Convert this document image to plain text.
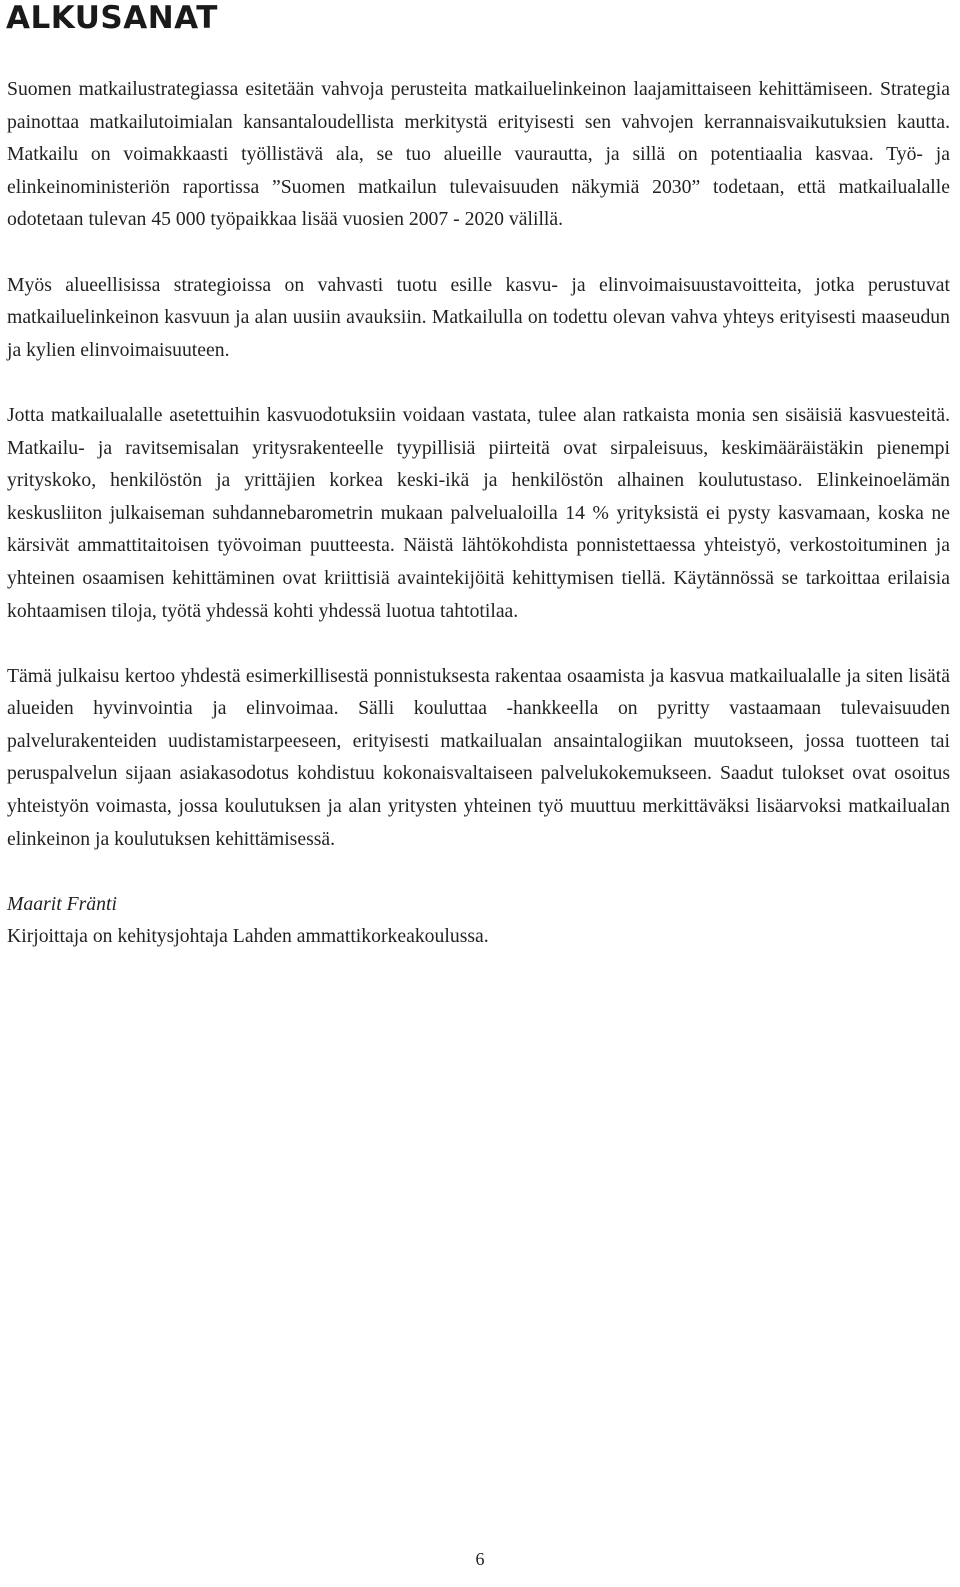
ALKUSANAT

Suomen matkailustrategiassa esitetään vahvoja perusteita matkailuelinkeinon laajamittaiseen kehittämiseen. Strategia painottaa matkailutoimialan kansantaloudellista merkitystä erityisesti sen vahvojen kerrannaisvaikutuksien kautta. Matkailu on voimakkaasti työllistävä ala, se tuo alueille vaurautta, ja sillä on potentiaalia kasvaa. Työ- ja elinkeinoministeriön raportissa ”Suomen matkailun tulevaisuuden näkymiä 2030” todetaan, että matkailualalle odotetaan tulevan 45 000 työpaikkaa lisää vuosien 2007 - 2020 välillä.

Myös alueellisissa strategioissa on vahvasti tuotu esille kasvu- ja elinvoimaisuustavoitteita, jotka perustuvat matkailuelinkeinon kasvuun ja alan uusiin avauksiin. Matkailulla on todettu olevan vahva yhteys erityisesti maaseudun ja kylien elinvoimaisuuteen.

Jotta matkailualalle asetettuihin kasvuodotuksiin voidaan vastata, tulee alan ratkaista monia sen sisäisiä kasvuesteitä. Matkailu- ja ravitsemisalan yritysrakenteelle tyypillisiä piirteitä ovat sirpaleisuus, keskimääräistäkin pienempi yrityskoko, henkilöstön ja yrittäjien korkea keski-ikä ja henkilöstön alhainen koulutustaso. Elinkeinoelämän keskusliiton julkaiseman suhdannebarometrin mukaan palvelualoilla 14 % yrityksistä ei pysty kasvamaan, koska ne kärsivät ammattitaitoisen työvoiman puutteesta. Näistä lähtökohdista ponnistettaessa yhteistyö, verkostoituminen ja yhteinen osaamisen kehittäminen ovat kriittisiä avaintekijöitä kehittymisen tiellä. Käytännössä se tarkoittaa erilaisia kohtaamisen tiloja, työtä yhdessä kohti yhdessä luotua tahtotilaa.

Tämä julkaisu kertoo yhdestä esimerkillisestä ponnistuksesta rakentaa osaamista ja kasvua matkailualalle ja siten lisätä alueiden hyvinvointia ja elinvoimaa. Sälli kouluttaa -hankkeella on pyritty vastaamaan tulevaisuuden palvelurakenteiden uudistamistarpeeseen, erityisesti matkailualan ansaintalogiikan muutokseen, jossa tuotteen tai peruspalvelun sijaan asiakasodotus kohdistuu kokonaisvaltaiseen palvelukokemukseen. Saadut tulokset ovat osoitus yhteistyön voimasta, jossa koulutuksen ja alan yritysten yhteinen työ muuttuu merkittäväksi lisäarvoksi matkailualan elinkeinon ja koulutuksen kehittämisessä.

Maarit Fränti
Kirjoittaja on kehitysjohtaja Lahden ammattikorkeakoulussa.
6
